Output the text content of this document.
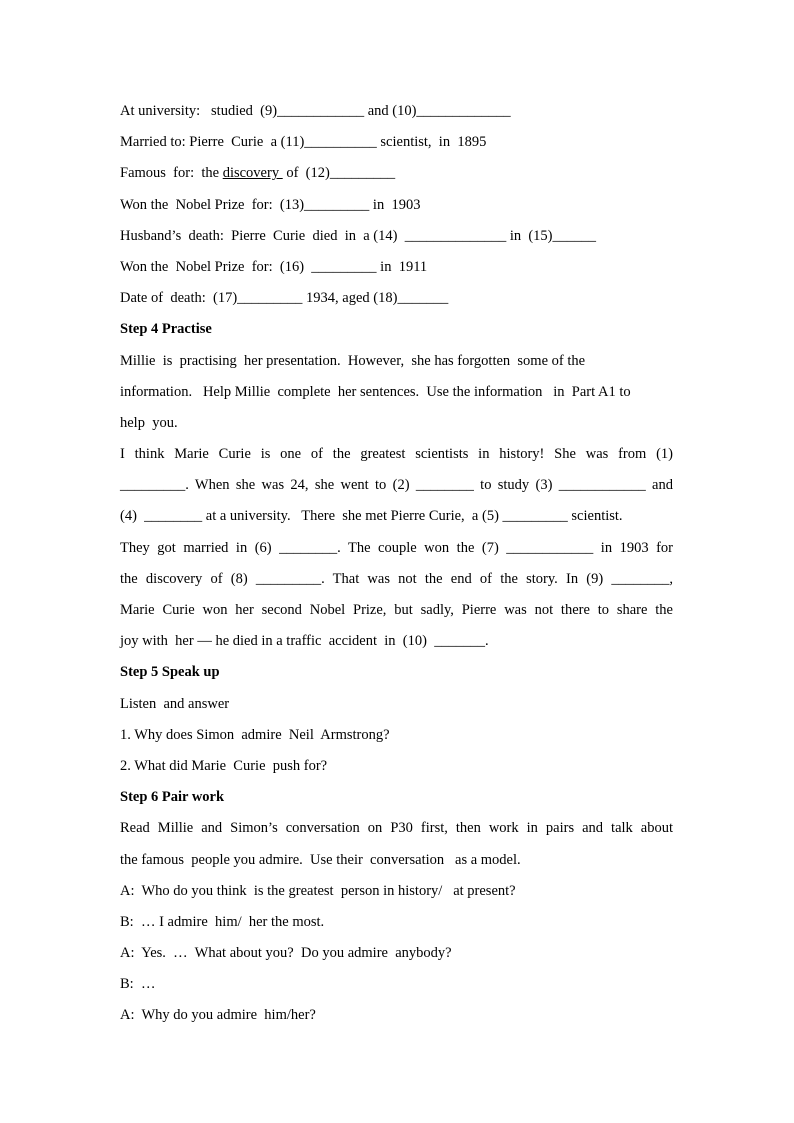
At university:   studied  (9)____________ and (10)_____________
Married to: Pierre  Curie  a (11)__________ scientist,  in  1895
Famous  for:  the discovery  of  (12)_________
Won the  Nobel Prize  for:  (13)_________ in  1903
Husband’s  death:  Pierre  Curie  died  in  a (14)  ______________ in  (15)______
Won the  Nobel Prize  for:  (16)  _________ in  1911
Date of  death:  (17)_________ 1934, aged (18)_______
Step 4 Practise
Millie  is  practising  her presentation.  However,  she has forgotten  some of the
information.   Help Millie  complete  her sentences.  Use the information   in  Part A1 to
help  you.
I think Marie Curie is one of the greatest scientists in history! She was from (1)
_________. When she was 24, she went to (2) ________ to study (3) ____________ and
(4)  ________ at a university.   There  she met Pierre Curie,  a (5) _________ scientist.
They got married in (6) ________. The couple won the (7) ____________ in 1903 for
the discovery of (8) _________. That was not the end of the story. In (9) ________,
Marie Curie won her second Nobel Prize, but sadly, Pierre was not there to share the
joy with  her — he died in a traffic  accident  in  (10)  _______.
Step 5 Speak up
Listen  and answer
1. Why does Simon  admire  Neil  Armstrong?
2. What did Marie  Curie  push for?
Step 6 Pair work
Read Millie and Simon’s conversation on P30 first, then work in pairs and talk about
the famous  people you admire.  Use their  conversation   as a model.
A:  Who do you think  is the greatest  person in history/   at present?
B:  … I admire  him/  her the most.
A:  Yes.  …  What about you?  Do you admire  anybody?
B:  …
A:  Why do you admire  him/her?
